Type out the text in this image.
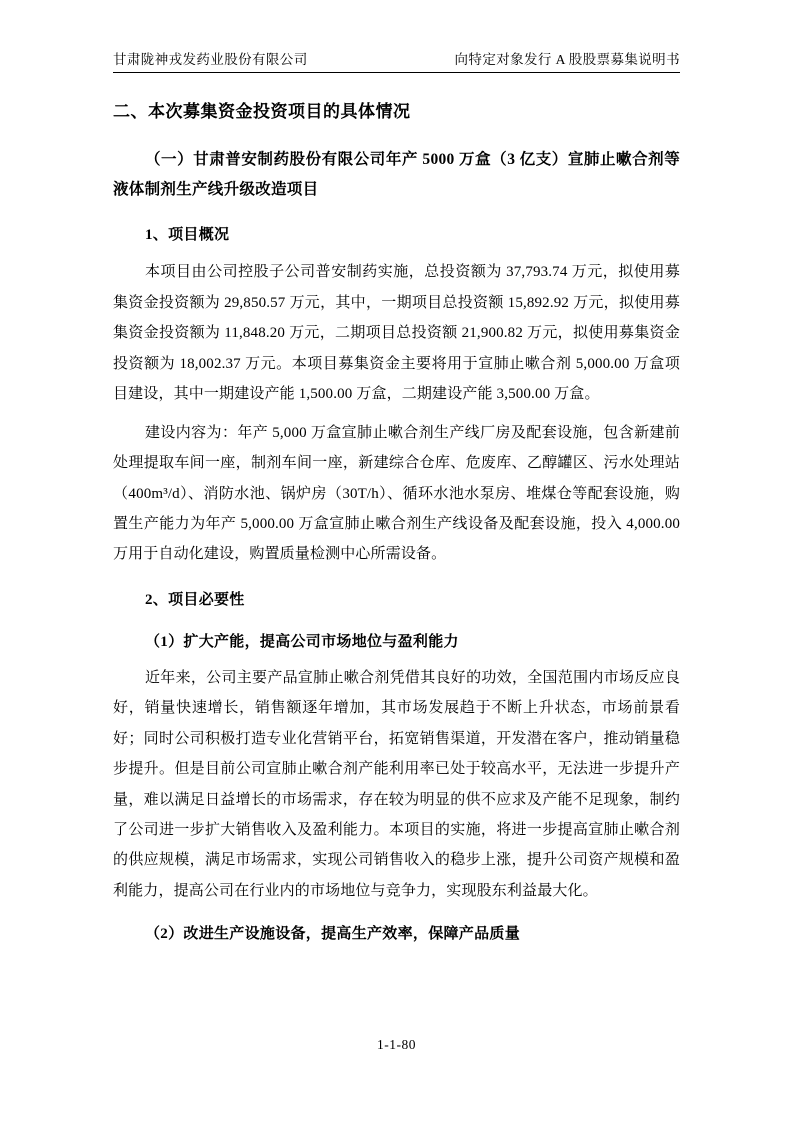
甘肃陇神戎发药业股份有限公司	向特定对象发行 A 股股票募集说明书
二、本次募集资金投资项目的具体情况
（一）甘肃普安制药股份有限公司年产 5000 万盒（3 亿支）宣肺止嗽合剂等液体制剂生产线升级改造项目
1、项目概况

本项目由公司控股子公司普安制药实施，总投资额为 37,793.74 万元，拟使用募集资金投资额为 29,850.57 万元，其中，一期项目总投资额 15,892.92 万元，拟使用募集资金投资额为 11,848.20 万元，二期项目总投资额 21,900.82 万元，拟使用募集资金投资额为 18,002.37 万元。本项目募集资金主要将用于宣肺止嗽合剂 5,000.00 万盒项目建设，其中一期建设产能 1,500.00 万盒，二期建设产能 3,500.00 万盒。

建设内容为：年产 5,000 万盒宣肺止嗽合剂生产线厂房及配套设施，包含新建前处理提取车间一座，制剂车间一座，新建综合仓库、危废库、乙醇罐区、污水处理站（400m³/d）、消防水池、锅炉房（30T/h）、循环水池水泵房、堆煤仓等配套设施，购置生产能力为年产 5,000.00 万盒宣肺止嗽合剂生产线设备及配套设施，投入 4,000.00 万用于自动化建设，购置质量检测中心所需设备。

2、项目必要性
（1）扩大产能，提高公司市场地位与盈利能力

近年来，公司主要产品宣肺止嗽合剂凭借其良好的功效，全国范围内市场反应良好，销量快速增长，销售额逐年增加，其市场发展趋于不断上升状态，市场前景看好；同时公司积极打造专业化营销平台，拓宽销售渠道，开发潜在客户，推动销量稳步提升。但是目前公司宣肺止嗽合剂产能利用率已处于较高水平，无法进一步提升产量，难以满足日益增长的市场需求，存在较为明显的供不应求及产能不足现象，制约了公司进一步扩大销售收入及盈利能力。本项目的实施，将进一步提高宣肺止嗽合剂的供应规模，满足市场需求，实现公司销售收入的稳步上涨，提升公司资产规模和盈利能力，提高公司在行业内的市场地位与竞争力，实现股东利益最大化。

（2）改进生产设施设备，提高生产效率，保障产品质量
1-1-80
